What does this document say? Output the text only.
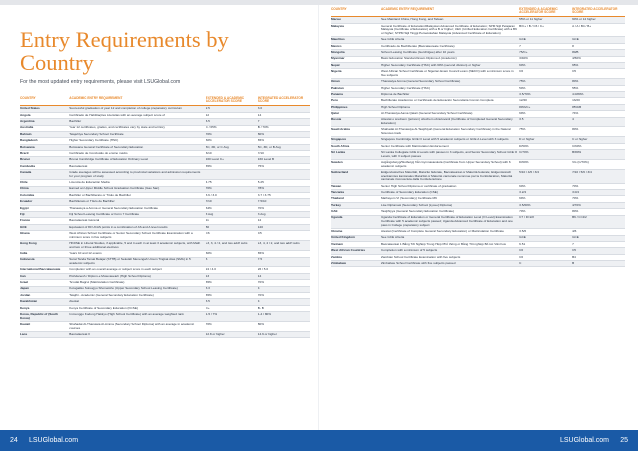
Entry Requirements by Country

For the most updated entry requirements, please visit LSUGlobal.com

COUNTRY	ACADEMIC ENTRY REQUIREMENT	EXTENDED & ACADEMIC ACCELERATOR SCORE	INTEGRATED ACCELERATOR SCORE
United States	Successful graduation of year 12 and completion of college preparatory curriculum	2.5	3.0
Angola	Certificado de Habilitações Literárias with an average subject score of	12	14
Argentina	Bachiller	6.5	7
Australia	Year 12 certificates, grades, and certificates vary by state and territory	C / 65%	B / 70%
Bahrain	Tawjehiya Secondary School Certificate	70%	80%
Bangladesh	Higher Secondary Certificate (HSC)	60%	65%
Botswana	Botswana General Certificate of Secondary Education	5C, 3D, or C Avg	5C, 3D, or B Avg
Brazil	Certificado de Conclusão do ensino médio	6/10	7/10
Brunei	Brunei Cambridge Certificate of Education Ordinary Level	160 Level C+	160 Level B
Cambodia	Baccalauréat	65%	75%
Canada	Grade averages will be assessed according to provincial variations and admission requirements for your program of study		
Chile	Licencia de Educación Media	4.75	5.25
China	Earned an Upper Middle School Graduation Certificate (Gao San)	70%	78%
Colombia	Bachiller or Bachillerato or Título de Bachiller	3.6 / 3.0	3.7 / 3.75
Ecuador	Bachillerato or Título de Bachiller	7/10	7.5/10
Egypt	Thanaweya a Amma or General Secondary Education Certificate	64%	70%
Fiji	Fiji School Leaving Certificate or Form 7 Certificate	3 Avg	3 Avg
France	Baccalauréat Général	11	12
GCE	Equivalent of 80 UCAS points in a combination of AS and A level results	80	120
Ghana	West African School Certificate or Senior Secondary School Certificate Examination with a minimum score in five subjects	C6	C5
Hong Kong	HKDSE in Liberal Studies, if applicable, 5 and 4 each in at least 3 academic subjects, with Math and two or three additional electives	L3, 3, 4 / 2, and two add'l subs	L3, 4, 4 / 2, and two add'l subs
India	Years 10 and 12 exams	60%	65%
Indonesia	Surat Tanda Tamat Belajar (STTB) or Sekolah Menengah Umum Tingkat Atas (SMA) in 5 academic subjects	6	7.5
International Baccalaureate	Completion with an overall average or subject score in each subject	24 / 4.0	26 / 5.0
Iran	Pishdanesh / Diplom-e Motevaseteh (High School Diploma)	13	14
Israel	Te'udat Bagrut (Matriculation Certificate)	65%	70%
Japan	Kotogakko Sotsugyo Shomeisho (Upper Secondary School Leaving Certificate)	3.3	4
Jordan	Tawjihi - Academic (General Secondary Education Certificate)	65%	70%
Kazakhstan	Atestat	3.5	4
Kenya	Kenya Certificate of Secondary Education (KCSE)	C+	B- B
Korea, Republic of (South Korea)	Immunggo Kodung Hakkyo (High School Certificate) with an average weighted rank	1-5 / 7%	1-4 / 80%
Kuwait	Shahadat Al-Thanawia Al-Amma (Secondary School Diploma) with an average in academic courses	70%	80%
Laos	Baccalauréat II	12.8 or higher	14.6 or higher
COUNTRY	ACADEMIC ENTRY REQUIREMENT	EXTENDED & ACADEMIC ACCELERATOR SCORE	INTEGRATED ACCELERATOR SCORE
Macau	See Mainland China, Hong Kong, and Taiwan	55% or 11 higher	60% or 12 higher
Malaysia	General Certificate of Education/Malaysian Advanced Certificate of Education; SPM Sijil Pelajaran Malaysia (Certificate of Education) with a B or higher; UEC (Unified Education Certificate) with a B6 or higher; STPM Sijil Tinggi Persekolahan Malaysia (Advanced Certificate of Education)	B/C+ / B / C6 / C+	A / A / B4 / B+
Mauritius	See GCE criteria	GCE	GCE
Mexico	Certificado de Bachillerato (Baccalaureate Certificate)	7	8
Mongolia	School Leaving Certificate (Gerchilgee) after 10 years	75/C+	80/B
Myanmar	Basic Education Standard Exam Diploma A (Academic)	3/40%	4/50%
Nepal	Higher Secondary Certificate (HSC) with 60% (second division) or higher	60%	65%
Nigeria	West African School Certificate or Nigerian Exam Council exam (NECO) with a minimum score in five subjects	C6	C5
Oman	Thanawiya Amma (General Secondary School Certificate)	75%	80%
Pakistan	Higher Secondary Certificate (HSC)	50%	55%
Panama	Diploma de Bachiller	3.5/70%	4.0/80%
Peru	Bachillerato Académico or Certificado de Educación Secundaria Común Completa	12/20	13/20
Philippines	High School Diploma	80%/C+	85%/B
Qatar	Al-Thanawiya Aama Qatari (General Secondary School Certificate)	69%	74%
Russia	Attestat o srednem (polnom) obschem obrazovanii (Certificate of Completed General Secondary Education)	3.5	4
Saudi Arabia	Shahadat Al-Thanawiya Al-Tawjihiyah (General Education Secondary Certificate) in the Natural Sciences track	75%	80%
Singapore	Singapore Cambridge GCE O Level with 5 academic subjects or GCE A Level with 3 subjects	D or higher	C or higher
South Africa	Senior Certificate with Matriculation Endorsement	D/50%	C/60%
Sri Lanka	Sri Lanka Collegiate GCE A Levels with passes in 3 subjects, and Senior Secondary School GCE O Levels, with 3 subject passes	C/70%	B/80%
Sweden	Avgångsbetyg/Slutbetyg från Gymnasieskola (Certificate from Upper Secondary School) with 6 academic subjects	D/60%	VG (C/70%)
Switzerland	Eidgenössisches Maturität, Maturité fédérale, Baccalauréat or Maturità federale; Eidgenössisch anerkanntes kantonales Maturität or Maturité cantonale reconnue par la Confédération, Maturità cantonale riconosciuta dalla Confederazione	5/10 / 4/6 / 3/4	7/10 / 5/6 / 3/4
Taiwan	Senior High School Diploma or certificate of graduation	60%	70%
Tanzania	Certificate of Secondary Education (CSE)	3.2/4	3.0/4
Thailand	Mathayom VI (Secondary) Certificate M6	69%	70%
Turkey	Lise Diplomasi (Secondary School [Lycee] Diploma)	3.5/60%	4/70%
UAE	Tawjihiyya (General Secondary Education Certificate)	70%	80%
Uganda	Uganda Certificate of Education or General Certificate of Education Level (O Level) Examination Certificate with 5 academic subjects passed; Uganda Advanced Certificate of Education and one pass in College preparatory subject	C7 / D=2/2	B6 / C=2/2
Ukraine	Atestat (Certificate of Complete General Secondary Education) or Matriculation Certificate	3.5/6	4/6
United Kingdom	See GCE criteria	GCE	GCE
Vietnam	Baccalauréat 1 Bằng Tốt Nghiệp Trung Hiệp Phổ thông or Bằng Tốt nghiệp Bổ túc Văn hoá	6.51	7
West African Countries	Completion with a minimum of 5 subjects	C6	C5
Zambia	Zambian School Certificate Examination with five subjects	C6	B4
Zimbabwe	Zimbabwe School Certificate with five subjects passed	C	B
24 LSUGlobal.com	LSUGlobal.com 25
